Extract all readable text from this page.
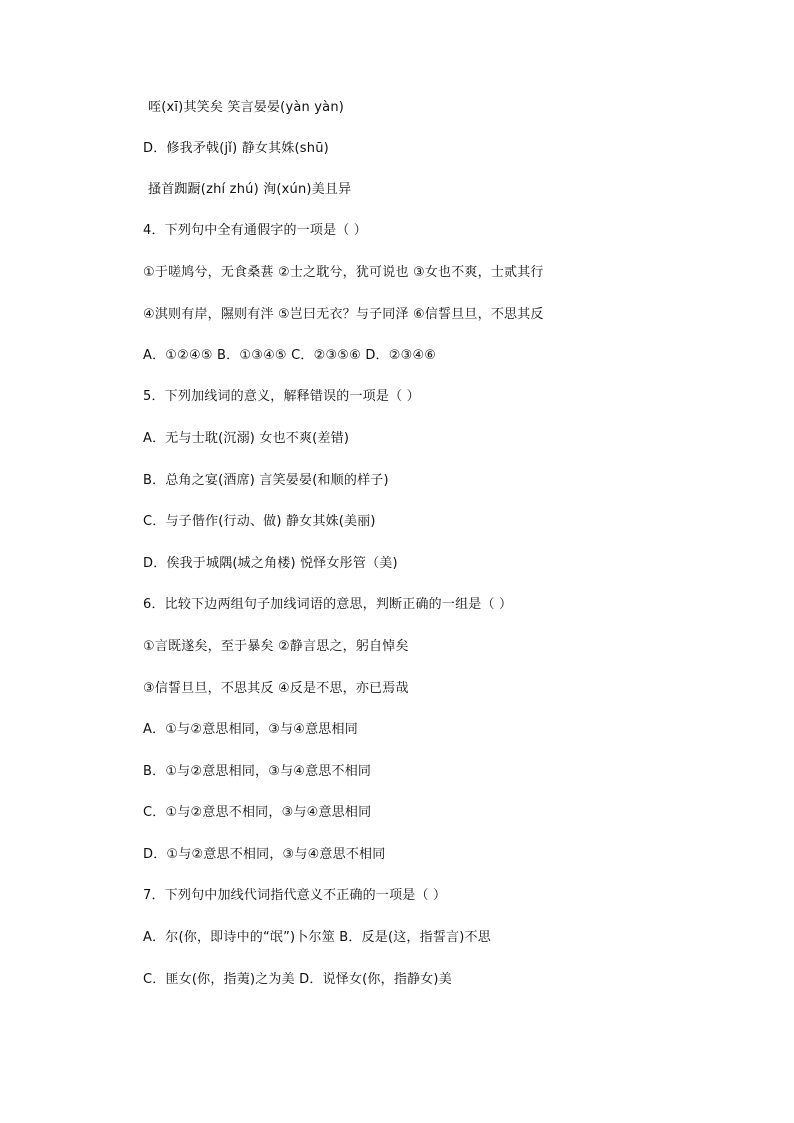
咥(xī)其笑矣 笑言晏晏(yàn yàn)
D．修我矛戟(jǐ) 静女其姝(shū)
搔首踟蹰(zhí zhú) 洵(xún)美且异
4．下列句中全有通假字的一项是（ ）
①于嗟鸠兮，无食桑葚 ②士之耽兮，犹可说也 ③女也不爽，士贰其行
④淇则有岸，隰则有泮 ⑤岂曰无衣？与子同泽 ⑥信誓旦旦，不思其反
A．①②④⑤ B．①③④⑤ C．②③⑤⑥ D．②③④⑥
5．下列加线词的意义，解释错误的一项是（ ）
A．无与士耽(沉溺) 女也不爽(差错)
B．总角之宴(酒席) 言笑晏晏(和顺的样子)
C．与子偕作(行动、做) 静女其姝(美丽)
D．俟我于城隅(城之角楼) 悦怿女彤管（美)
6．比较下边两组句子加线词语的意思，判断正确的一组是（ ）
①言既遂矣，至于暴矣 ②静言思之，躬自悼矣
③信誓旦旦，不思其反 ④反是不思，亦已焉哉
A．①与②意思相同，③与④意思相同
B．①与②意思相同，③与④意思不相同
C．①与②意思不相同，③与④意思相同
D．①与②意思不相同，③与④意思不相同
7．下列句中加线代词指代意义不正确的一项是（ ）
A．尔(你，即诗中的“氓”)卜尔筮 B．反是(这，指誓言)不思
C．匪女(你，指荑)之为美 D．说怿女(你，指静女)美
